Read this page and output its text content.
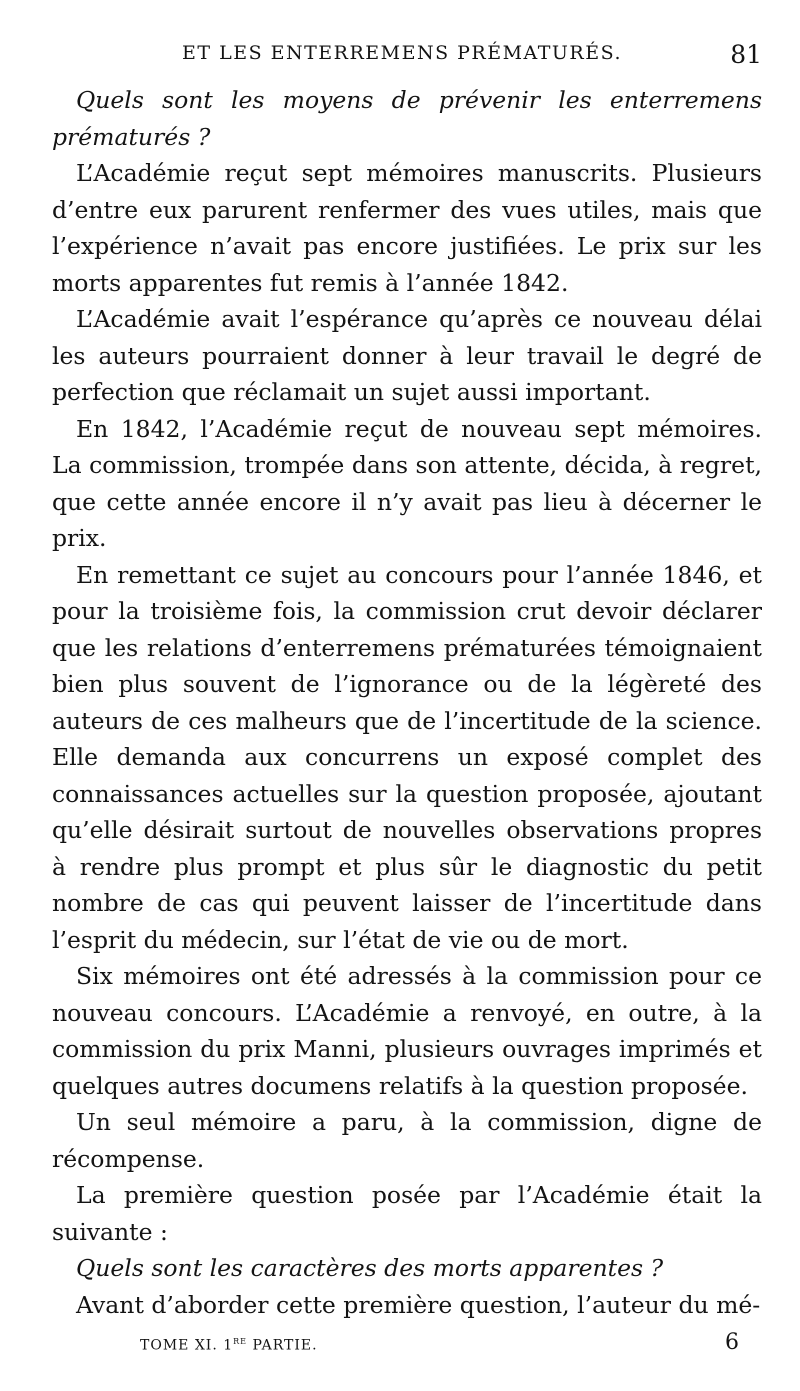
ET LES ENTERREMENS PRÉMATURÉS.	81

Quels sont les moyens de prévenir les enterremens prématurés ?

L’Académie reçut sept mémoires manuscrits. Plusieurs d’entre eux parurent renfermer des vues utiles, mais que l’expérience n’avait pas encore justifiées. Le prix sur les morts apparentes fut remis à l’année 1842.

L’Académie avait l’espérance qu’après ce nouveau délai les auteurs pourraient donner à leur travail le degré de perfection que réclamait un sujet aussi important.

En 1842, l’Académie reçut de nouveau sept mémoires. La commission, trompée dans son attente, décida, à regret, que cette année encore il n’y avait pas lieu à décerner le prix.

En remettant ce sujet au concours pour l’année 1846, et pour la troisième fois, la commission crut devoir déclarer que les relations d’enterremens prématurées témoignaient bien plus souvent de l’ignorance ou de la légèreté des auteurs de ces malheurs que de l’incertitude de la science. Elle demanda aux concurrens un exposé complet des connaissances actuelles sur la question proposée, ajoutant qu’elle désirait surtout de nouvelles observations propres à rendre plus prompt et plus sûr le diagnostic du petit nombre de cas qui peuvent laisser de l’incertitude dans l’esprit du médecin, sur l’état de vie ou de mort.

Six mémoires ont été adressés à la commission pour ce nouveau concours. L’Académie a renvoyé, en outre, à la commission du prix Manni, plusieurs ouvrages imprimés et quelques autres documens relatifs à la question proposée.

Un seul mémoire a paru, à la commission, digne de récompense.

La première question posée par l’Académie était la suivante :

Quels sont les caractères des morts apparentes ?

Avant d’aborder cette première question, l’auteur du mé-

TOME XI. 1re PARTIE.	6
